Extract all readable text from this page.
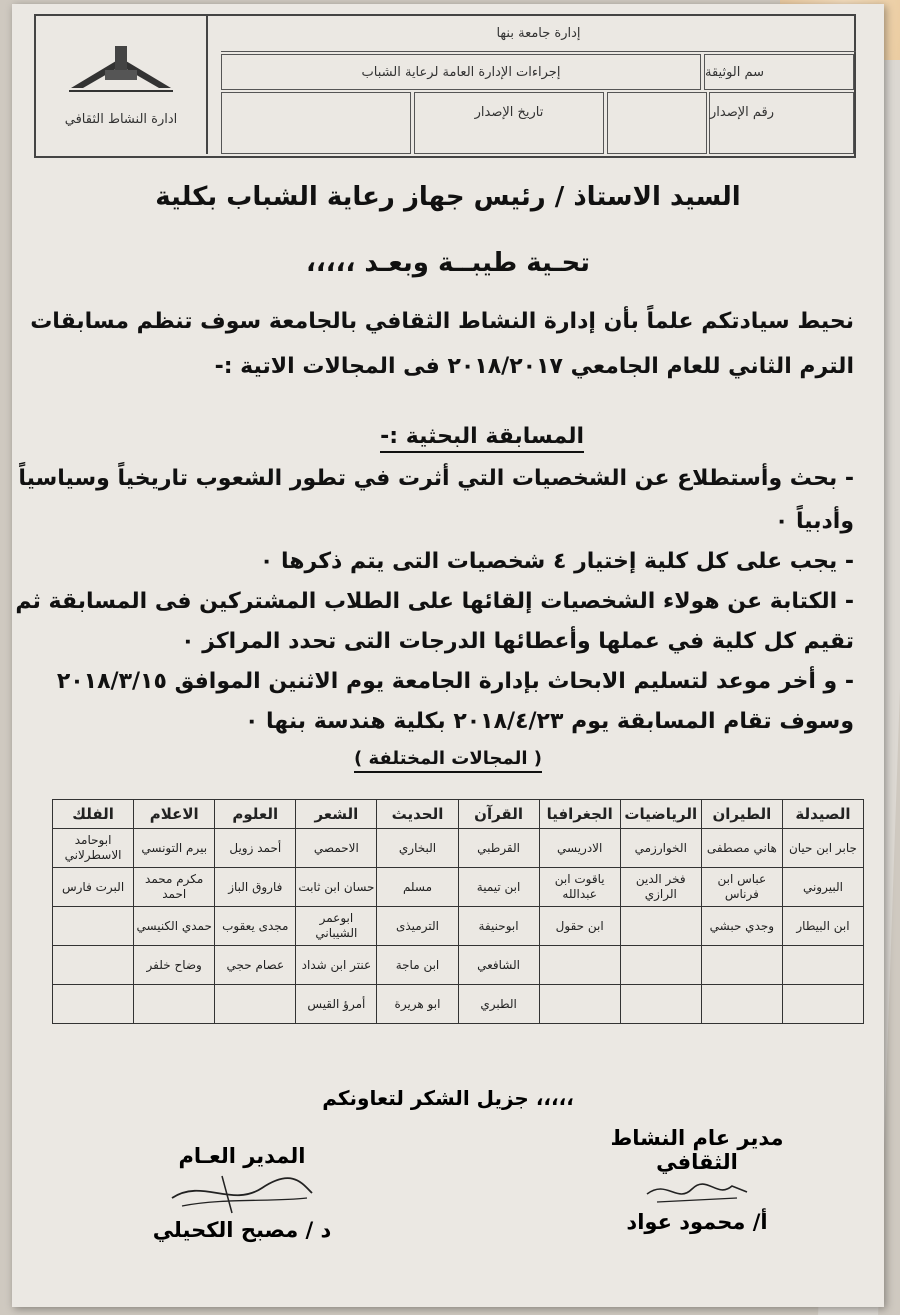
ادارة النشاط الثقافي
إدارة جامعة بنها
إجراءات الإدارة العامة لرعاية الشباب	سم الوثيقة
تاريخ الإصدار	رقم الإصدار
السيد الاستاذ / رئيس جهاز رعاية الشباب بكلية
تحـية طيبــة وبعـد ،،،،،
نحيط سيادتكم علماً بأن إدارة النشاط الثقافي بالجامعة سوف تنظم مسابقات
الترم الثاني للعام الجامعي ٢٠١٨/٢٠١٧ فى المجالات الاتية :-
المسابقة البحثية :-
- بحث وأستطلاع عن الشخصيات التي أثرت في تطور الشعوب تاريخياً وسياسياً
وأدبياً ٠
- يجب على كل كلية إختيار ٤ شخصيات التى يتم ذكرها ٠
- الكتابة عن هولاء الشخصيات إلقائها على الطلاب المشتركين فى المسابقة ثم
تقيم كل كلية في عملها وأعطائها الدرجات التى تحدد المراكز ٠
- و أخر موعد لتسليم الابحاث بإدارة الجامعة يوم الاثنين الموافق ٢٠١٨/٣/١٥
وسوف تقام المسابقة يوم ٢٠١٨/٤/٢٣ بكلية هندسة بنها ٠
( المجالات المختلفة )
الصيدلة	الطيران	الرياضيات	الجغرافيا	القرآن	الحديث	الشعر	العلوم	الاعلام	الفلك
جابر ابن حيان	هاني مصطفى	الخوارزمي	الادريسي	القرطبي	البخاري	الاحمصي	أحمد زويل	بيرم التونسي	ابوحامد الاسطرلاني
البيروني	عباس ابن فرناس	فخر الدين الرازي	ياقوت ابن عبدالله	ابن تيمية	مسلم	حسان ابن ثابت	فاروق الباز	مكرم محمد احمد	البرت فارس
ابن البيطار	وجدي حبشي		ابن حقول	ابوحنيفة	الترميذى	ابوعمر الشيباني	مجدى يعقوب	حمدي الكنيسي	
				الشافعي	ابن ماجة	عنتر ابن شداد	عصام حجي	وضاح خلفر	
				الطبري	ابو هريرة	أمرؤ القيس			
جزيل الشكر لتعاونكم ،،،،،
مدير عام النشاط الثقافي
أ/ محمود عواد
المدير العـام
د / مصبح الكحيلي
